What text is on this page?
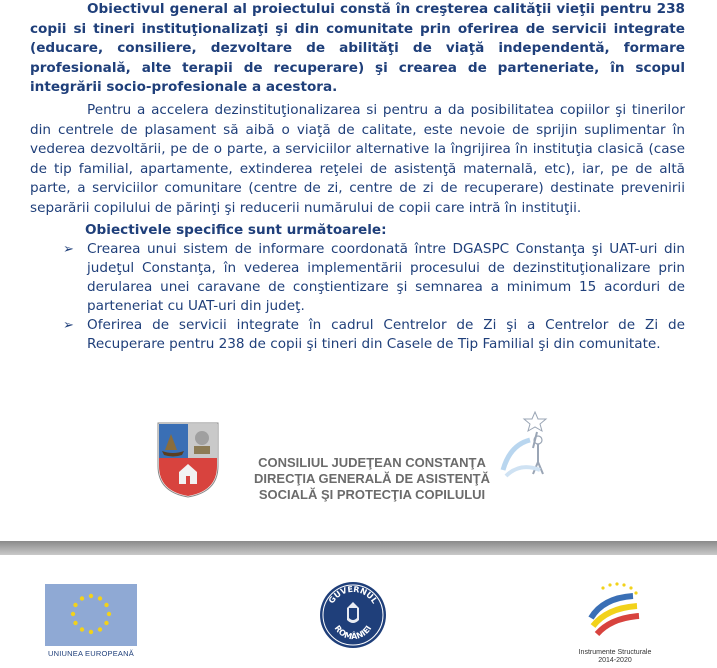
Obiectivul general al proiectului constă în creşterea calităţii vieţii pentru 238 copii si tineri instituţionalizaţi şi din comunitate prin oferirea de servicii integrate (educare, consiliere, dezvoltare de abilităţi de viaţă independentă, formare profesională, alte terapii de recuperare) şi crearea de parteneriate, în scopul integrării socio-profesionale a acestora.

Pentru a accelera dezinstituţionalizarea si pentru a da posibilitatea copiilor şi tinerilor din centrele de plasament să aibă o viaţă de calitate, este nevoie de sprijin suplimentar în vederea dezvoltării, pe de o parte, a serviciilor alternative la îngrijirea în instituţia clasică (case de tip familial, apartamente, extinderea reţelei de asistenţă maternală, etc), iar, pe de altă parte, a serviciilor comunitare (centre de zi, centre de zi de recuperare) destinate prevenirii separării copilului de părinţi şi reducerii numărului de copii care intră în instituţii.

Obiectivele specifice sunt următoarele:

➢ Crearea unui sistem de informare coordonată între DGASPC Constanţa şi UAT-uri din judeţul Constanţa, în vederea implementării procesului de dezinstituţionalizare prin derularea unei caravane de conştientizare şi semnarea a minimum 15 acorduri de parteneriat cu UAT-uri din judeţ.
➢ Oferirea de servicii integrate în cadrul Centrelor de Zi şi a Centrelor de Zi de Recuperare pentru 238 de copii şi tineri din Casele de Tip Familial şi din comunitate.
CONSILIUL JUDEŢEAN CONSTANŢA
DIRECŢIA GENERALĂ DE ASISTENŢĂ
SOCIALĂ ŞI PROTECŢIA COPILULUI
UNIUNEA EUROPEANĂ
GUVERNUL
ROMÂNIEI
Instrumente Structurale
2014-2020
